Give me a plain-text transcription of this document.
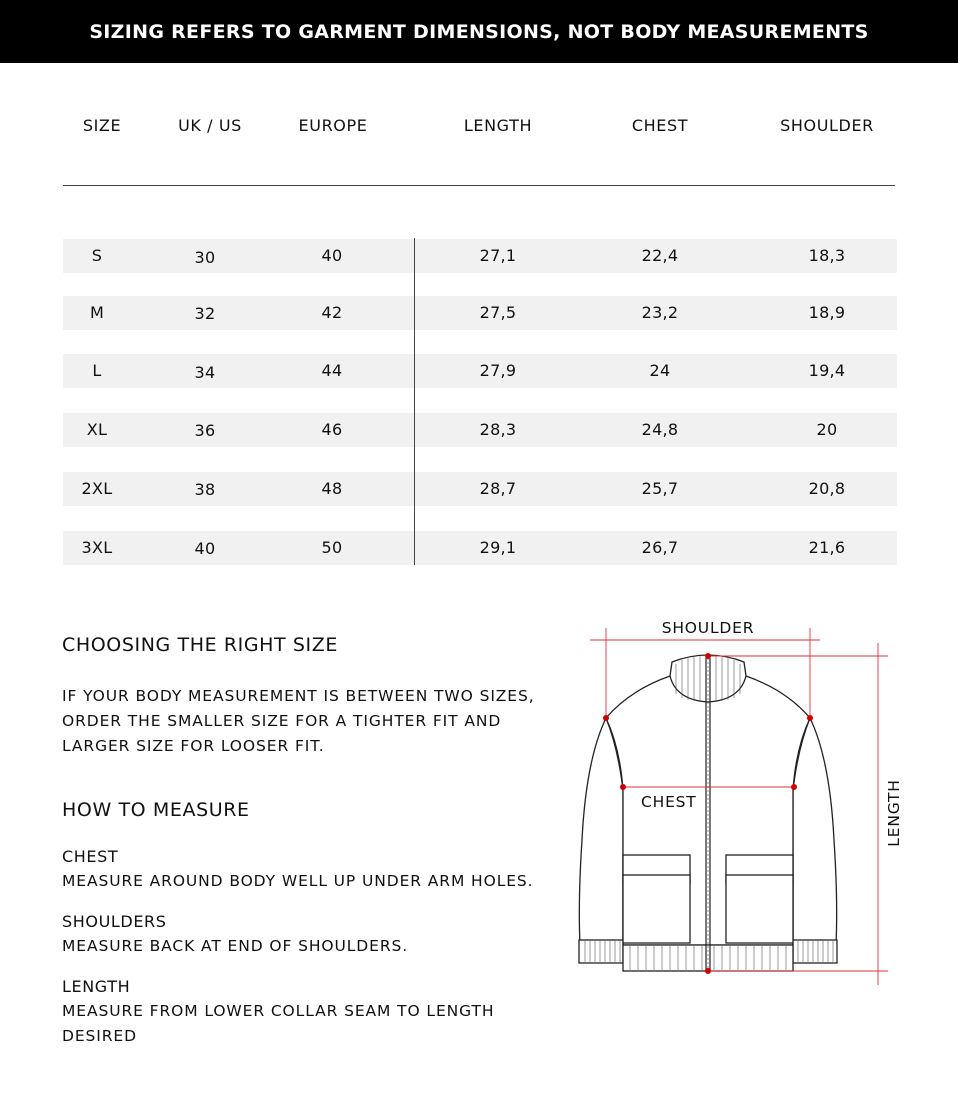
SIZING REFERS TO GARMENT DIMENSIONS, NOT BODY MEASUREMENTS
SIZE	UK / US	EUROPE	LENGTH	CHEST	SHOULDER
S	30	40	27,1	22,4	18,3
M	32	42	27,5	23,2	18,9
L	34	44	27,9	24	19,4
XL	36	46	28,3	24,8	20
2XL	38	48	28,7	25,7	20,8
3XL	40	50	29,1	26,7	21,6
CHOOSING THE RIGHT SIZE
IF YOUR BODY MEASUREMENT IS BETWEEN TWO SIZES,
ORDER THE SMALLER SIZE FOR A TIGHTER FIT AND
LARGER SIZE FOR LOOSER FIT.
HOW TO MEASURE
CHEST
MEASURE AROUND BODY WELL UP UNDER ARM HOLES.
SHOULDERS
MEASURE BACK AT END OF SHOULDERS.
LENGTH
MEASURE FROM LOWER COLLAR SEAM TO LENGTH
DESIRED
SHOULDER
CHEST	LENGTH
